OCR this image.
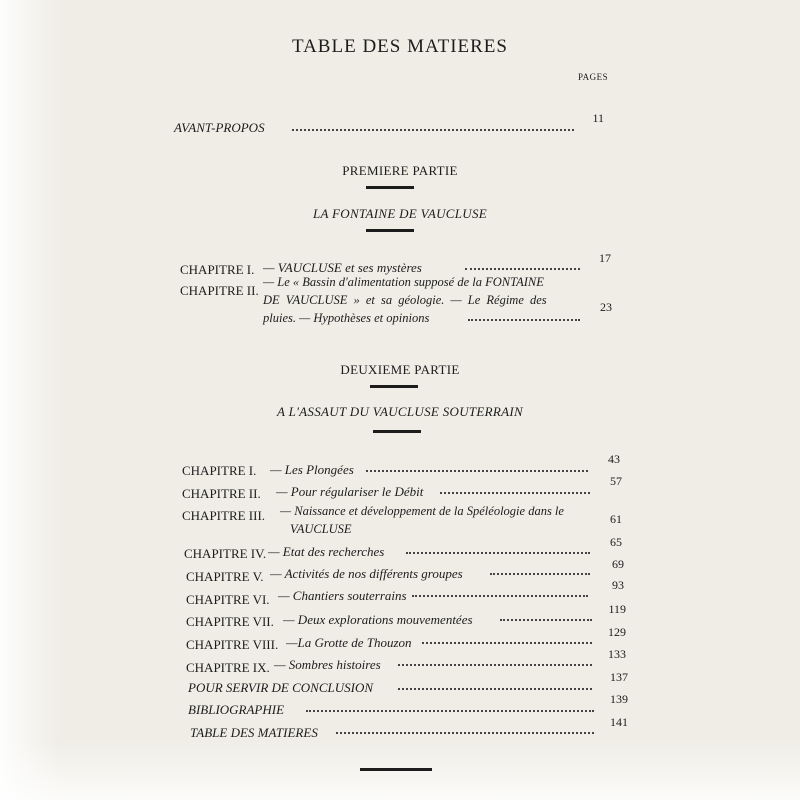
TABLE DES MATIERES
PAGES
AVANT-PROPOS
11
PREMIERE PARTIE
LA FONTAINE DE VAUCLUSE
CHAPITRE I. — VAUCLUSE et ses mystères
17
CHAPITRE II.
— Le « Bassin d'alimentation supposé de la FONTAINE
DE VAUCLUSE » et sa géologie. — Le Régime des
pluies. — Hypothèses et opinions
23
DEUXIEME PARTIE
A L'ASSAUT DU VAUCLUSE SOUTERRAIN
CHAPITRE I. — Les Plongées
43
CHAPITRE II. — Pour régulariser le Débit
57
CHAPITRE III. — Naissance et développement de la Spéléologie dans le
VAUCLUSE
61
CHAPITRE IV. — Etat des recherches
65
CHAPITRE V. — Activités de nos différents groupes
69
CHAPITRE VI. — Chantiers souterrains
93
CHAPITRE VII. — Deux explorations mouvementées
119
CHAPITRE VIII. —La Grotte de Thouzon
129
CHAPITRE IX. — Sombres histoires
133
POUR SERVIR DE CONCLUSION
137
BIBLIOGRAPHIE
139
TABLE DES MATIERES
141
